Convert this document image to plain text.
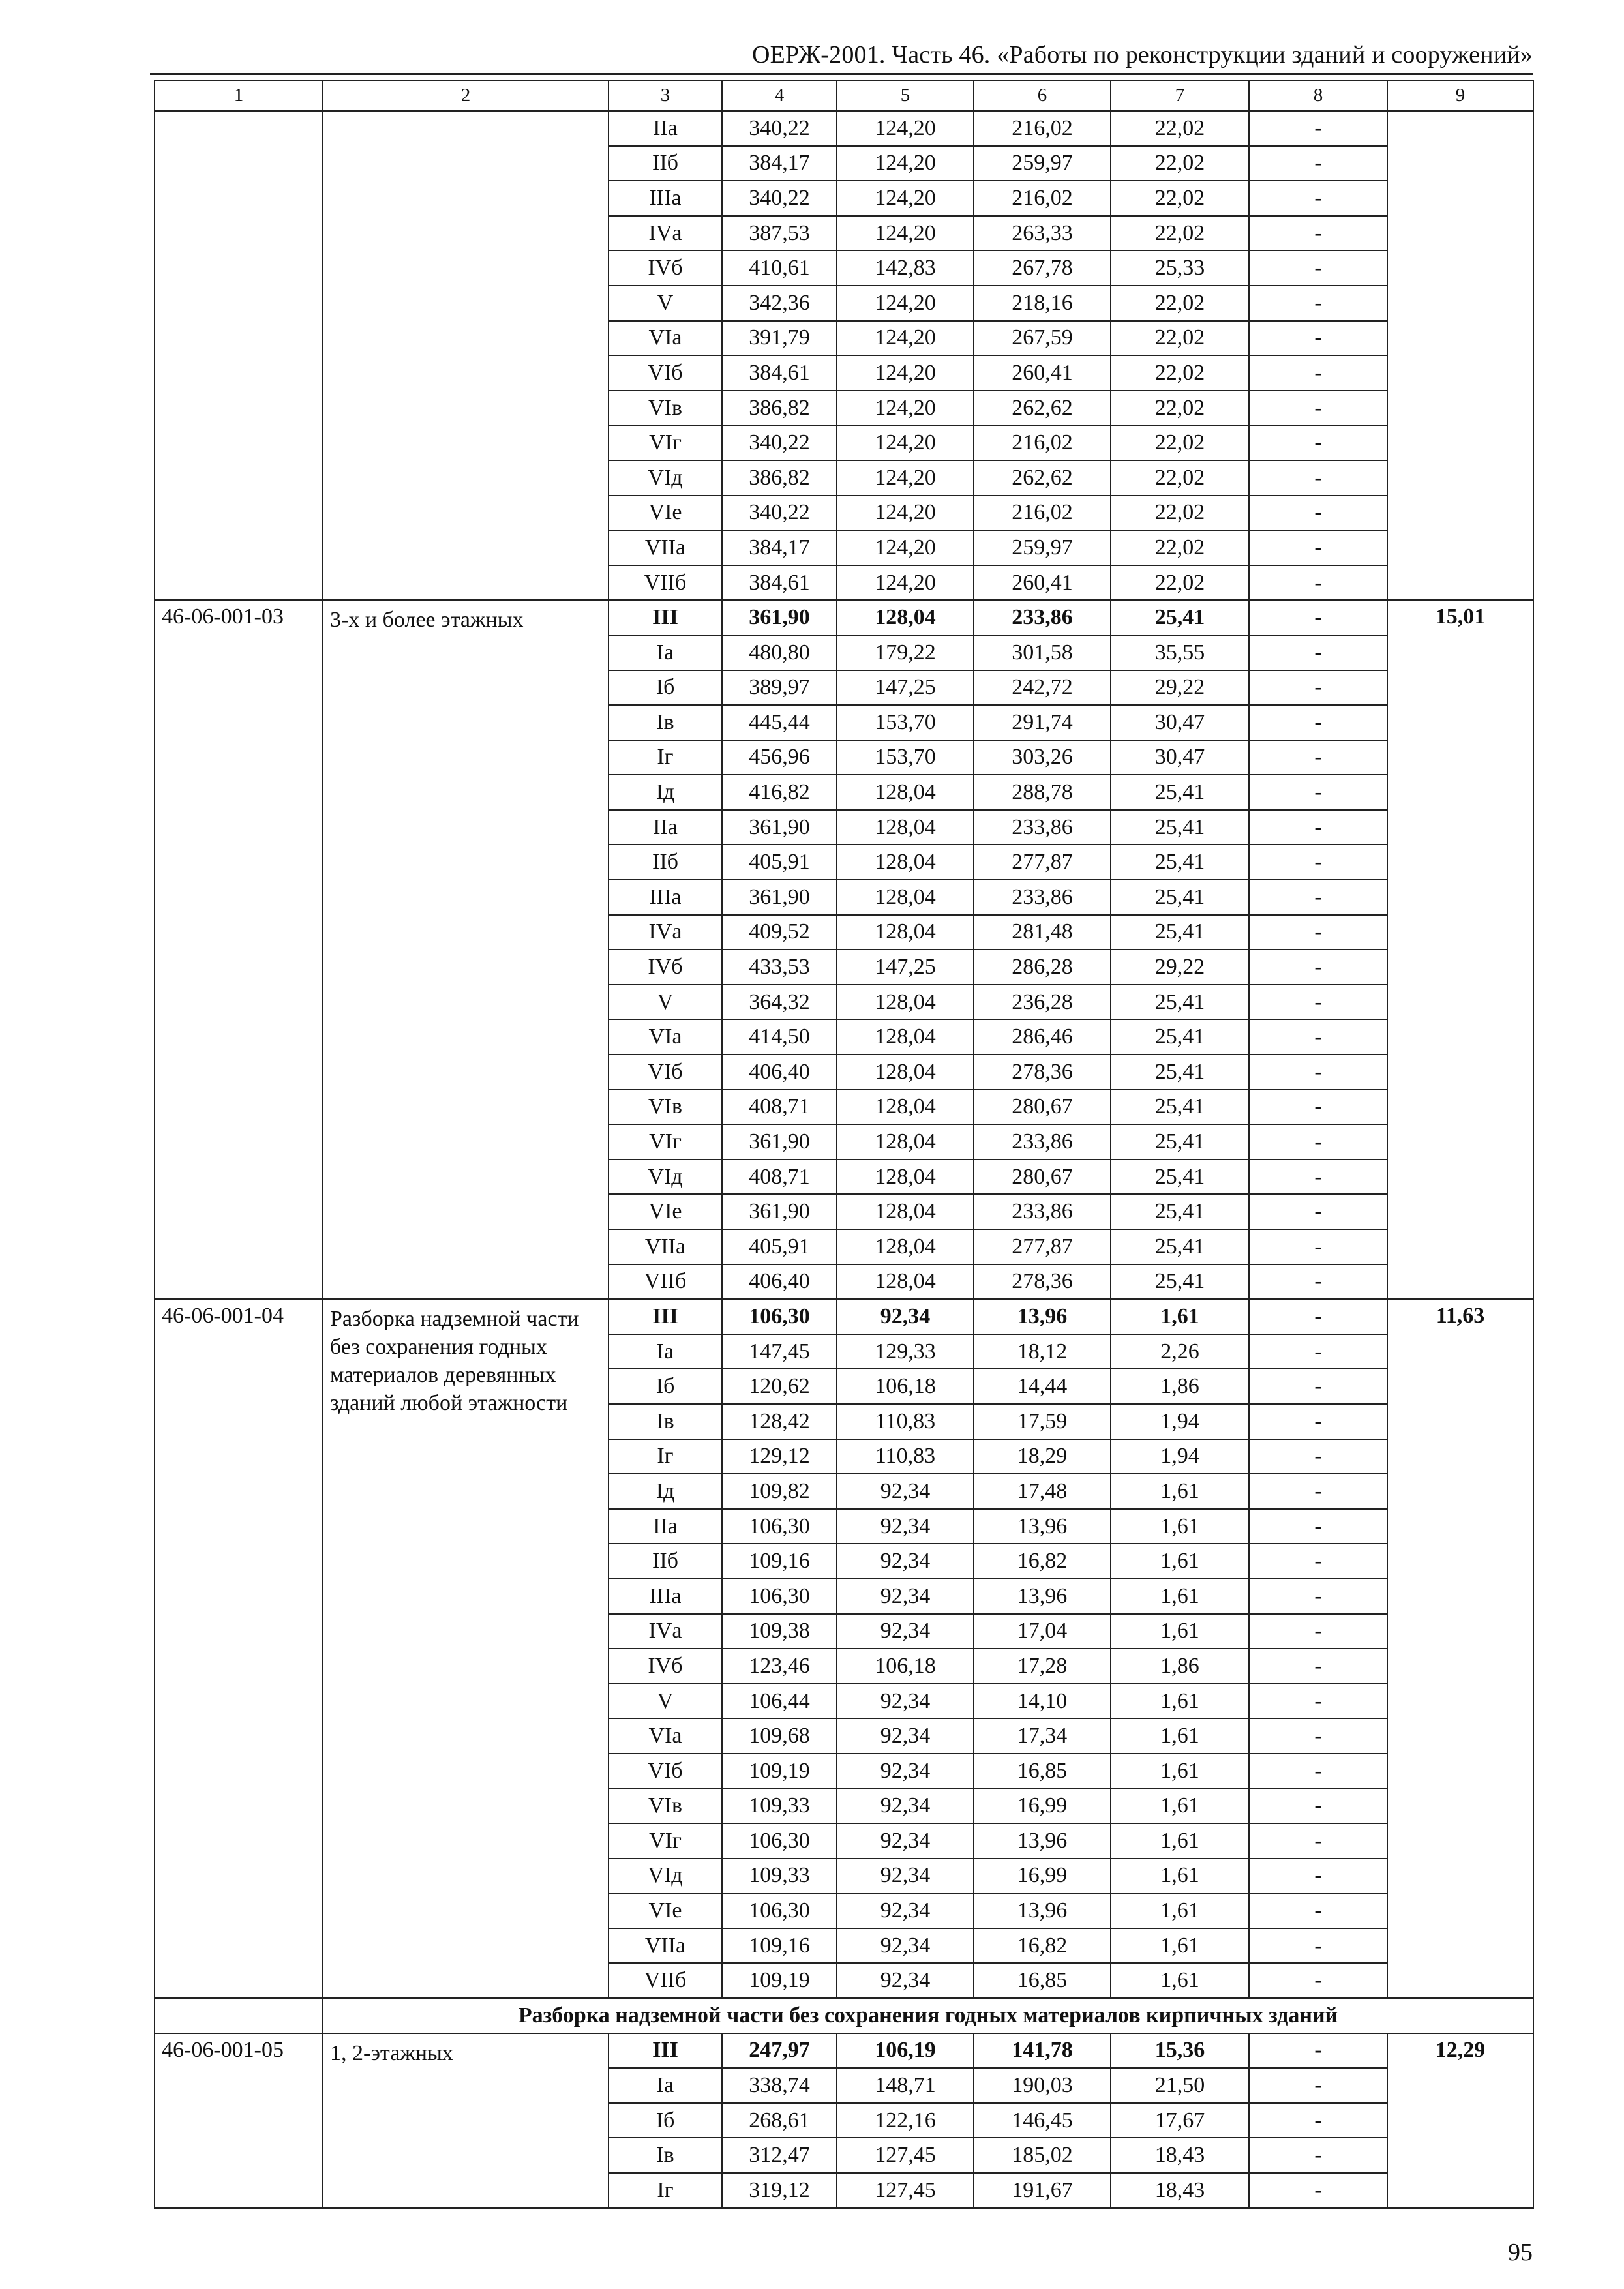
ОЕРЖ-2001. Часть 46. «Работы по реконструкции зданий и сооружений»
1	2	3	4	5	6	7	8	9
		IIа	340,22	124,20	216,02	22,02	-	
		IIб	384,17	124,20	259,97	22,02	-	
		IIIа	340,22	124,20	216,02	22,02	-	
		IVа	387,53	124,20	263,33	22,02	-	
		IVб	410,61	142,83	267,78	25,33	-	
		V	342,36	124,20	218,16	22,02	-	
		VIа	391,79	124,20	267,59	22,02	-	
		VIб	384,61	124,20	260,41	22,02	-	
		VIв	386,82	124,20	262,62	22,02	-	
		VIг	340,22	124,20	216,02	22,02	-	
		VIд	386,82	124,20	262,62	22,02	-	
		VIе	340,22	124,20	216,02	22,02	-	
		VIIа	384,17	124,20	259,97	22,02	-	
		VIIб	384,61	124,20	260,41	22,02	-	
46-06-001-03	3-х и более этажных	III	361,90	128,04	233,86	25,41	-	15,01
		Iа	480,80	179,22	301,58	35,55	-	
		Iб	389,97	147,25	242,72	29,22	-	
		Iв	445,44	153,70	291,74	30,47	-	
		Iг	456,96	153,70	303,26	30,47	-	
		Iд	416,82	128,04	288,78	25,41	-	
		IIа	361,90	128,04	233,86	25,41	-	
		IIб	405,91	128,04	277,87	25,41	-	
		IIIа	361,90	128,04	233,86	25,41	-	
		IVа	409,52	128,04	281,48	25,41	-	
		IVб	433,53	147,25	286,28	29,22	-	
		V	364,32	128,04	236,28	25,41	-	
		VIа	414,50	128,04	286,46	25,41	-	
		VIб	406,40	128,04	278,36	25,41	-	
		VIв	408,71	128,04	280,67	25,41	-	
		VIг	361,90	128,04	233,86	25,41	-	
		VIд	408,71	128,04	280,67	25,41	-	
		VIе	361,90	128,04	233,86	25,41	-	
		VIIа	405,91	128,04	277,87	25,41	-	
		VIIб	406,40	128,04	278,36	25,41	-	
46-06-001-04	Разборка надземной части без сохранения годных материалов деревянных зданий любой этажности	III	106,30	92,34	13,96	1,61	-	11,63
		Iа	147,45	129,33	18,12	2,26	-	
		Iб	120,62	106,18	14,44	1,86	-	
		Iв	128,42	110,83	17,59	1,94	-	
		Iг	129,12	110,83	18,29	1,94	-	
		Iд	109,82	92,34	17,48	1,61	-	
		IIа	106,30	92,34	13,96	1,61	-	
		IIб	109,16	92,34	16,82	1,61	-	
		IIIа	106,30	92,34	13,96	1,61	-	
		IVа	109,38	92,34	17,04	1,61	-	
		IVб	123,46	106,18	17,28	1,86	-	
		V	106,44	92,34	14,10	1,61	-	
		VIа	109,68	92,34	17,34	1,61	-	
		VIб	109,19	92,34	16,85	1,61	-	
		VIв	109,33	92,34	16,99	1,61	-	
		VIг	106,30	92,34	13,96	1,61	-	
		VIд	109,33	92,34	16,99	1,61	-	
		VIе	106,30	92,34	13,96	1,61	-	
		VIIа	109,16	92,34	16,82	1,61	-	
		VIIб	109,19	92,34	16,85	1,61	-	
	Разборка надземной части без сохранения годных материалов кирпичных зданий							
46-06-001-05	1, 2-этажных	III	247,97	106,19	141,78	15,36	-	12,29
		Iа	338,74	148,71	190,03	21,50	-	
		Iб	268,61	122,16	146,45	17,67	-	
		Iв	312,47	127,45	185,02	18,43	-	
		Iг	319,12	127,45	191,67	18,43	-	
95
